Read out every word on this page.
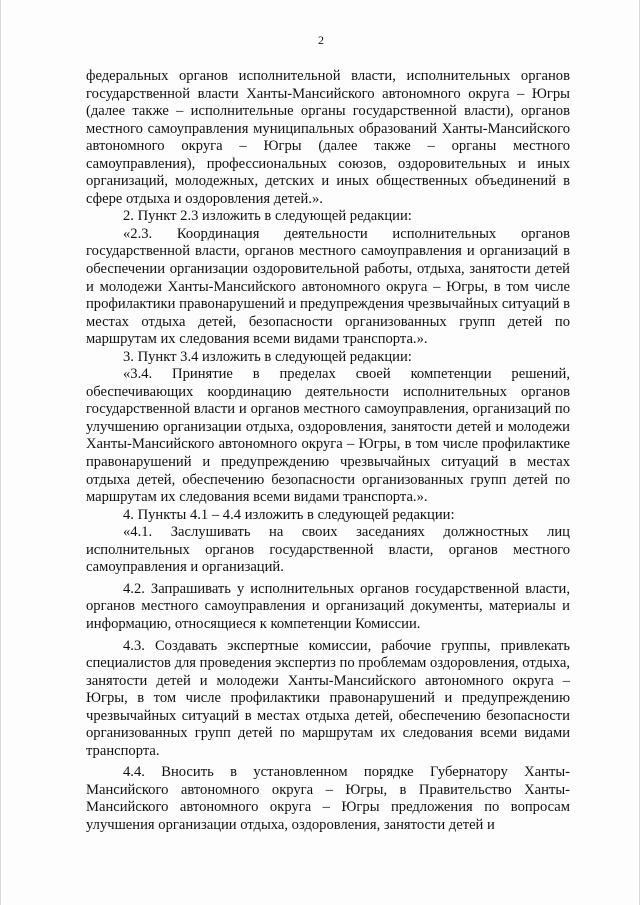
2

федеральных органов исполнительной власти, исполнительных органов государственной власти Ханты-Мансийского автономного округа – Югры (далее также – исполнительные органы государственной власти), органов местного самоуправления муниципальных образований Ханты-Мансийского автономного округа – Югры (далее также – органы местного самоуправления), профессиональных союзов, оздоровительных и иных организаций, молодежных, детских и иных общественных объединений в сфере отдыха и оздоровления детей.».

2. Пункт 2.3 изложить в следующей редакции:

«2.3. Координация деятельности исполнительных органов государственной власти, органов местного самоуправления и организаций в обеспечении организации оздоровительной работы, отдыха, занятости детей и молодежи Ханты-Мансийского автономного округа – Югры, в том числе профилактики правонарушений и предупреждения чрезвычайных ситуаций в местах отдыха детей, безопасности организованных групп детей по маршрутам их следования всеми видами транспорта.».

3. Пункт 3.4 изложить в следующей редакции:

«3.4. Принятие в пределах своей компетенции решений, обеспечивающих координацию деятельности исполнительных органов государственной власти и органов местного самоуправления, организаций по улучшению организации отдыха, оздоровления, занятости детей и молодежи Ханты-Мансийского автономного округа – Югры, в том числе профилактике правонарушений и предупреждению чрезвычайных ситуаций в местах отдыха детей, обеспечению безопасности организованных групп детей по маршрутам их следования всеми видами транспорта.».

4. Пункты 4.1 – 4.4 изложить в следующей редакции:

«4.1. Заслушивать на своих заседаниях должностных лиц исполнительных органов государственной власти, органов местного самоуправления и организаций.

4.2. Запрашивать у исполнительных органов государственной власти, органов местного самоуправления и организаций документы, материалы и информацию, относящиеся к компетенции Комиссии.

4.3. Создавать экспертные комиссии, рабочие группы, привлекать специалистов для проведения экспертиз по проблемам оздоровления, отдыха, занятости детей и молодежи Ханты-Мансийского автономного округа – Югры, в том числе профилактики правонарушений и предупреждению чрезвычайных ситуаций в местах отдыха детей, обеспечению безопасности организованных групп детей по маршрутам их следования всеми видами транспорта.

4.4. Вносить в установленном порядке Губернатору Ханты-Мансийского автономного округа – Югры, в Правительство Ханты-Мансийского автономного округа – Югры предложения по вопросам улучшения организации отдыха, оздоровления, занятости детей и
